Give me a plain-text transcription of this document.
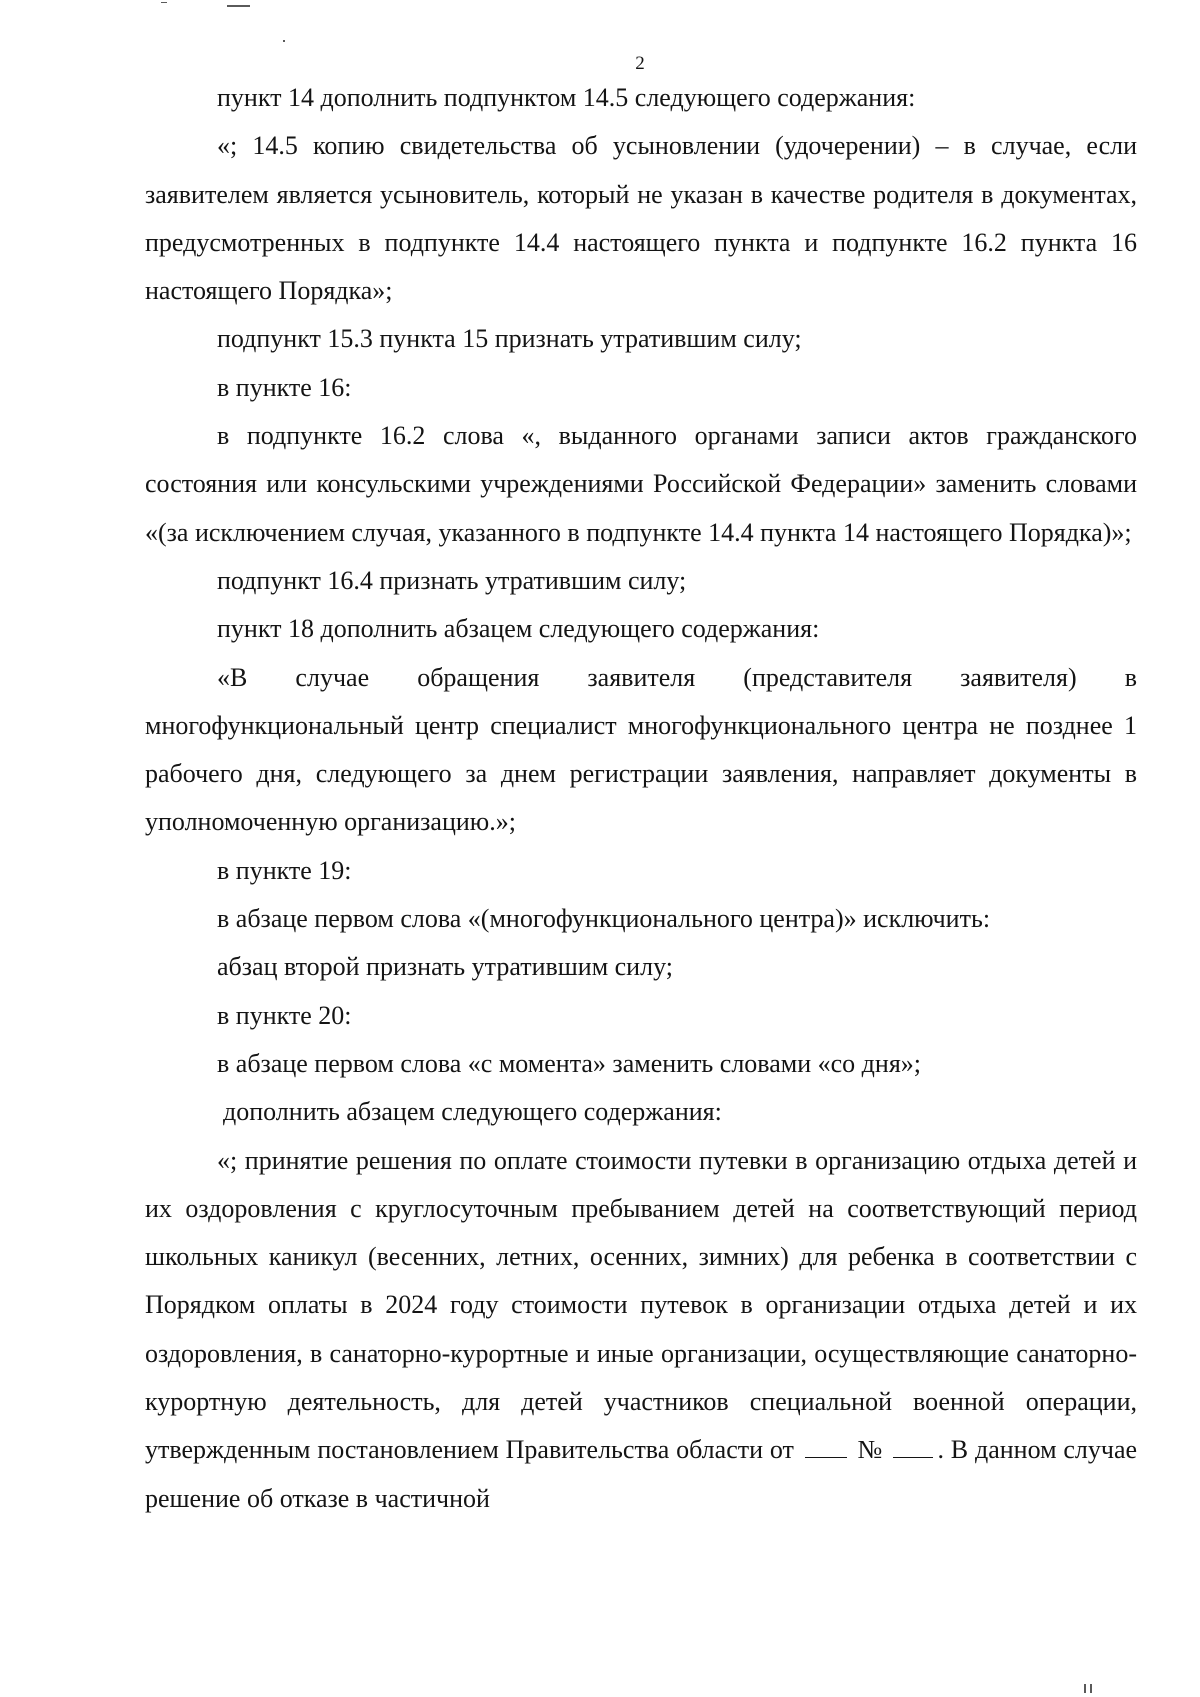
2

пункт 14 дополнить подпунктом 14.5 следующего содержания:

«; 14.5 копию свидетельства об усыновлении (удочерении) – в случае, если заявителем является усыновитель, который не указан в качестве родителя в документах, предусмотренных в подпункте 14.4 настоящего пункта и подпункте 16.2 пункта 16 настоящего Порядка»;

подпункт 15.3 пункта 15 признать утратившим силу;

в пункте 16:

в подпункте 16.2 слова «, выданного органами записи актов гражданского состояния или консульскими учреждениями Российской Федерации» заменить словами «(за исключением случая, указанного в подпункте 14.4 пункта 14 настоящего Порядка)»;

подпункт 16.4 признать утратившим силу;

пункт 18 дополнить абзацем следующего содержания:

«В случае обращения заявителя (представителя заявителя) в многофункциональный центр специалист многофункционального центра не позднее 1 рабочего дня, следующего за днем регистрации заявления, направляет документы в уполномоченную организацию.»;

в пункте 19:

в абзаце первом слова «(многофункционального центра)» исключить:

абзац второй признать утратившим силу;

в пункте 20:

в абзаце первом слова «с момента» заменить словами «со дня»;

дополнить абзацем следующего содержания:

«; принятие решения по оплате стоимости путевки в организацию отдыха детей и их оздоровления с круглосуточным пребыванием детей на соответствующий период школьных каникул (весенних, летних, осенних, зимних) для ребенка в соответствии с Порядком оплаты в 2024 году стоимости путевок в организации отдыха детей и их оздоровления, в санаторно-курортные и иные организации, осуществляющие санаторно-курортную деятельность, для детей участников специальной военной операции, утвержденным постановлением Правительства области от № . В данном случае решение об отказе в частичной
